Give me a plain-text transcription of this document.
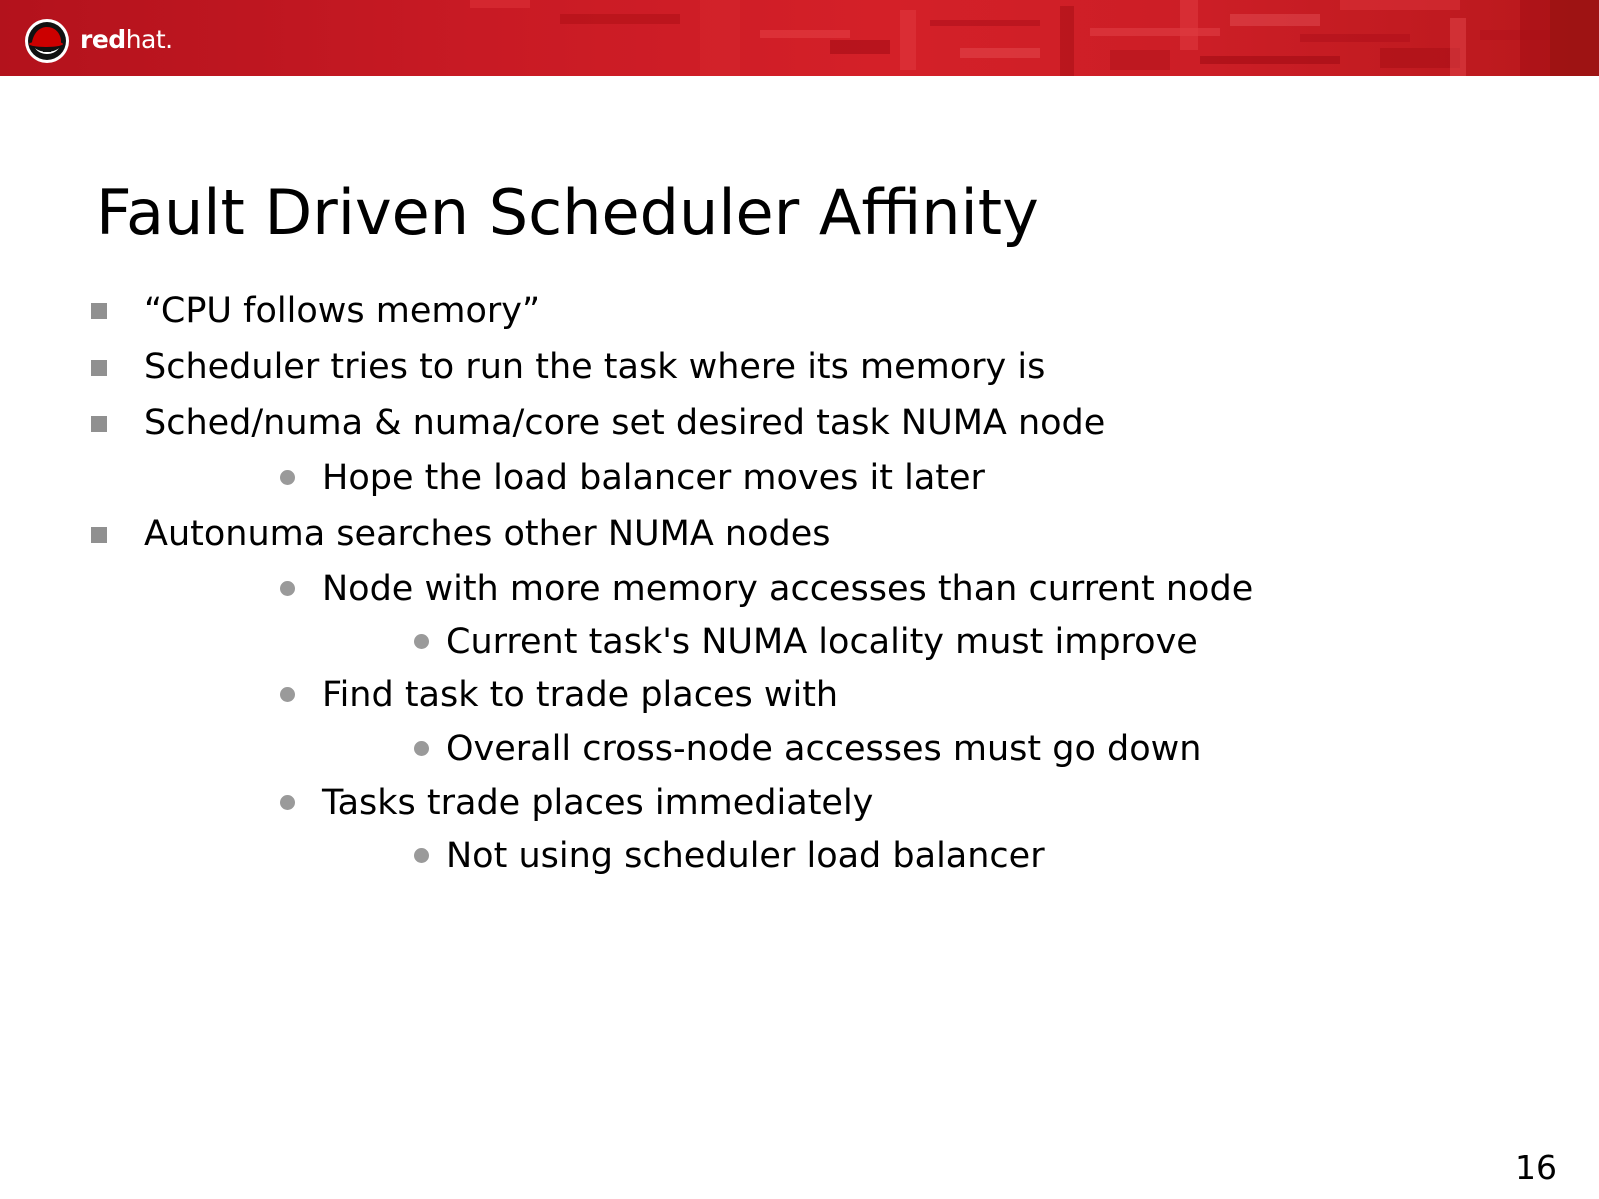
redhat.
Fault Driven Scheduler Affinity
“CPU follows memory”
Scheduler tries to run the task where its memory is
Sched/numa & numa/core set desired task NUMA node
Hope the load balancer moves it later
Autonuma searches other NUMA nodes
Node with more memory accesses than current node
Current task's NUMA locality must improve
Find task to trade places with
Overall cross-node accesses must go down
Tasks trade places immediately
Not using scheduler load balancer
16
